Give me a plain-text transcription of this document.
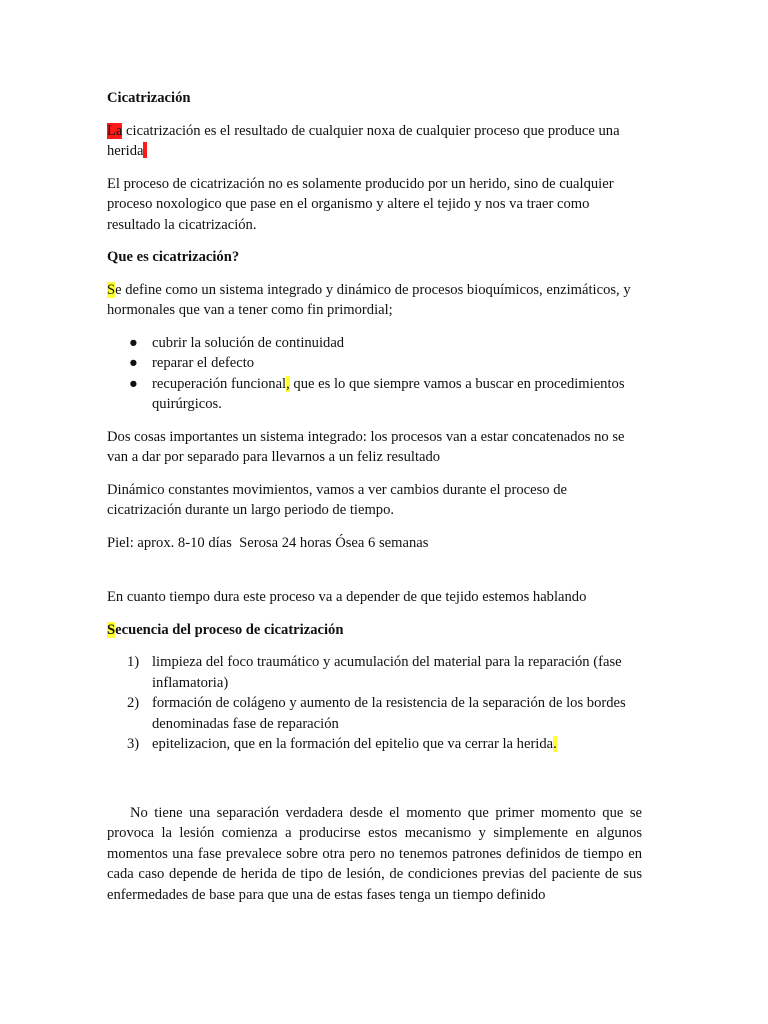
Cicatrización

La cicatrización es el resultado de cualquier noxa de cualquier proceso que produce una herida

El proceso de cicatrización no es solamente producido por un herido, sino de cualquier proceso noxologico que pase en el organismo y altere el tejido y nos va traer como resultado la cicatrización.

Que es cicatrización?

Se define como un sistema integrado y dinámico de procesos bioquímicos, enzimáticos, y hormonales que van a tener como fin primordial;

● cubrir la solución de continuidad
● reparar el defecto
● recuperación funcional, que es lo que siempre vamos a buscar en procedimientos quirúrgicos.

Dos cosas importantes un sistema integrado: los procesos van a estar concatenados no se van a dar por separado para llevarnos a un feliz resultado

Dinámico constantes movimientos, vamos a ver cambios durante el proceso de cicatrización durante un largo periodo de tiempo.

Piel: aprox. 8-10 días  Serosa 24 horas Ósea 6 semanas

En cuanto tiempo dura este proceso va a depender de que tejido estemos hablando

Secuencia del proceso de cicatrización
1) limpieza del foco traumático y acumulación del material para la reparación (fase inflamatoria)
2) formación de colágeno y aumento de la resistencia de la separación de los bordes denominadas fase de reparación
3) epitelizacion, que en la formación del epitelio que va cerrar la herida.

No tiene una separación verdadera desde el momento que primer momento que se provoca la lesión comienza a producirse estos mecanismo y simplemente en algunos momentos una fase prevalece sobre otra pero no tenemos patrones definidos de tiempo en cada caso depende de herida de tipo de lesión, de condiciones previas del paciente de sus enfermedades de base para que una de estas fases tenga un tiempo definido
